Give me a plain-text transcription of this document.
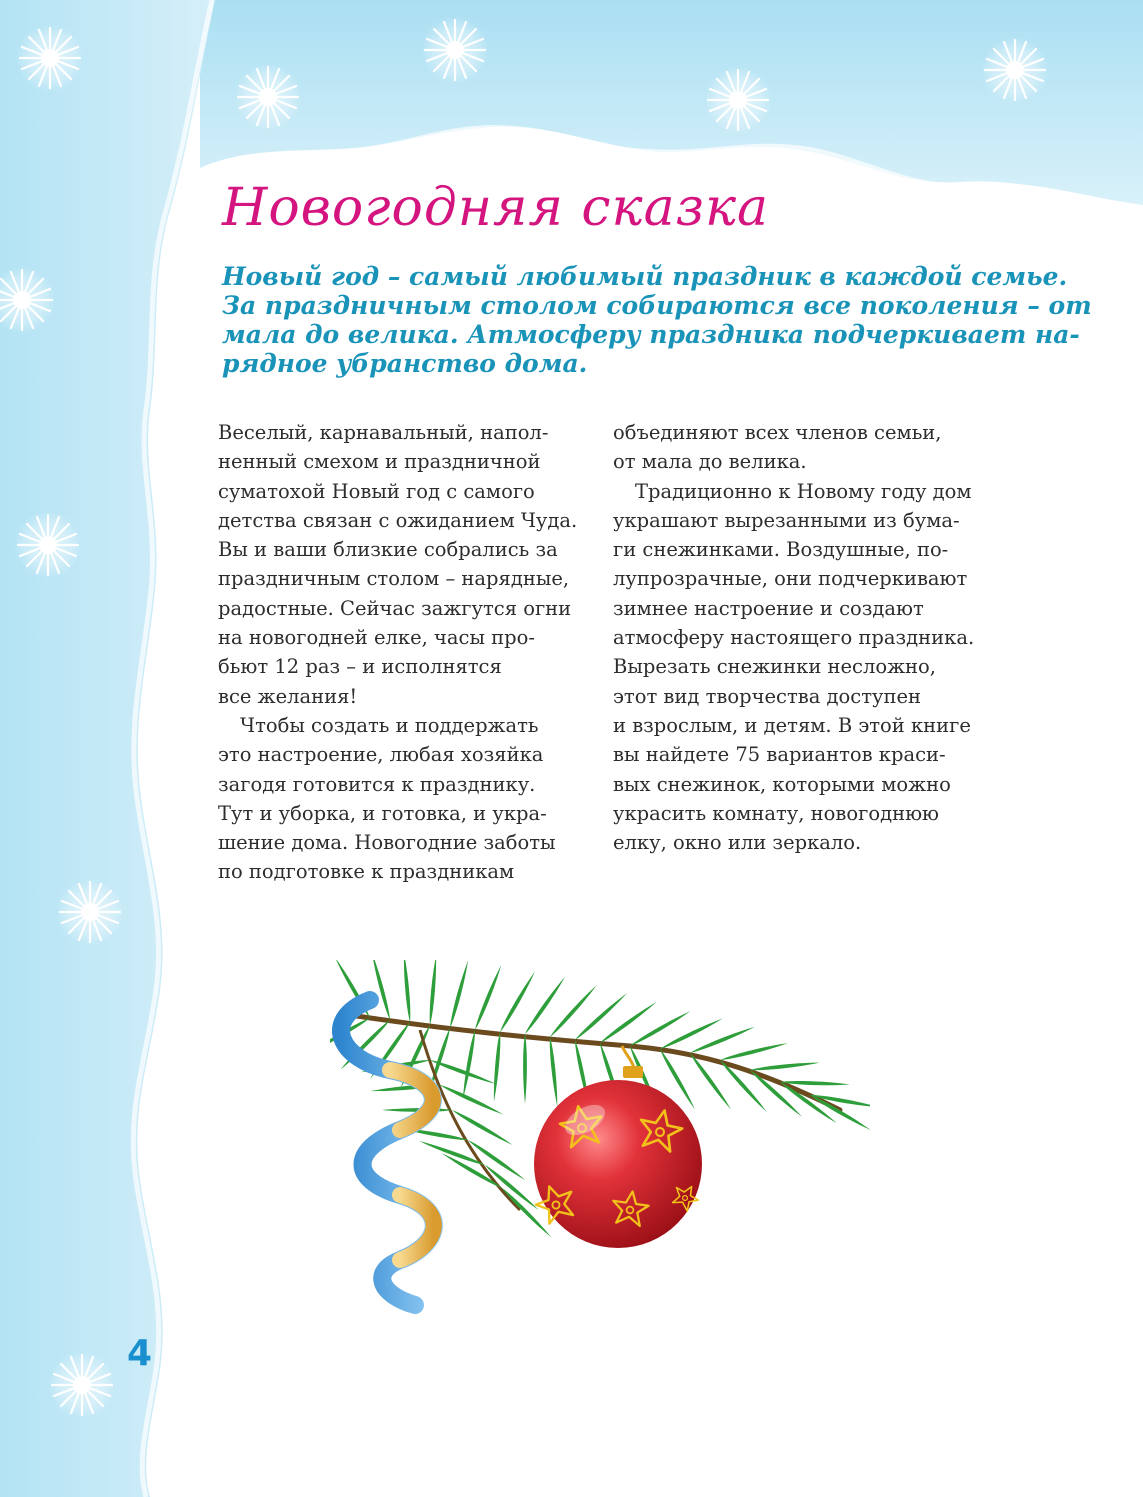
Новогодняя сказка

Новый год – самый любимый праздник в каждой семье.
За праздничным столом собираются все поколения – от
мала до велика. Атмосферу праздника подчеркивает на-
рядное убранство дома.

Веселый, карнавальный, напол-
ненный смехом и праздничной
суматохой Новый год с самого
детства связан с ожиданием Чуда.
Вы и ваши близкие собрались за
праздничным столом – нарядные,
радостные. Сейчас зажгутся огни
на новогодней елке, часы про-
бьют 12 раз – и исполнятся
все желания!
Чтобы создать и поддержать
это настроение, любая хозяйка
загодя готовится к празднику.
Тут и уборка, и готовка, и укра-
шение дома. Новогодние заботы
по подготовке к праздникам
объединяют всех членов семьи,
от мала до велика.
Традиционно к Новому году дом
украшают вырезанными из бума-
ги снежинками. Воздушные, по-
лупрозрачные, они подчеркивают
зимнее настроение и создают
атмосферу настоящего праздника.
Вырезать снежинки несложно,
этот вид творчества доступен
и взрослым, и детям. В этой книге
вы найдете 75 вариантов краси-
вых снежинок, которыми можно
украсить комнату, новогоднюю
елку, окно или зеркало.
4
